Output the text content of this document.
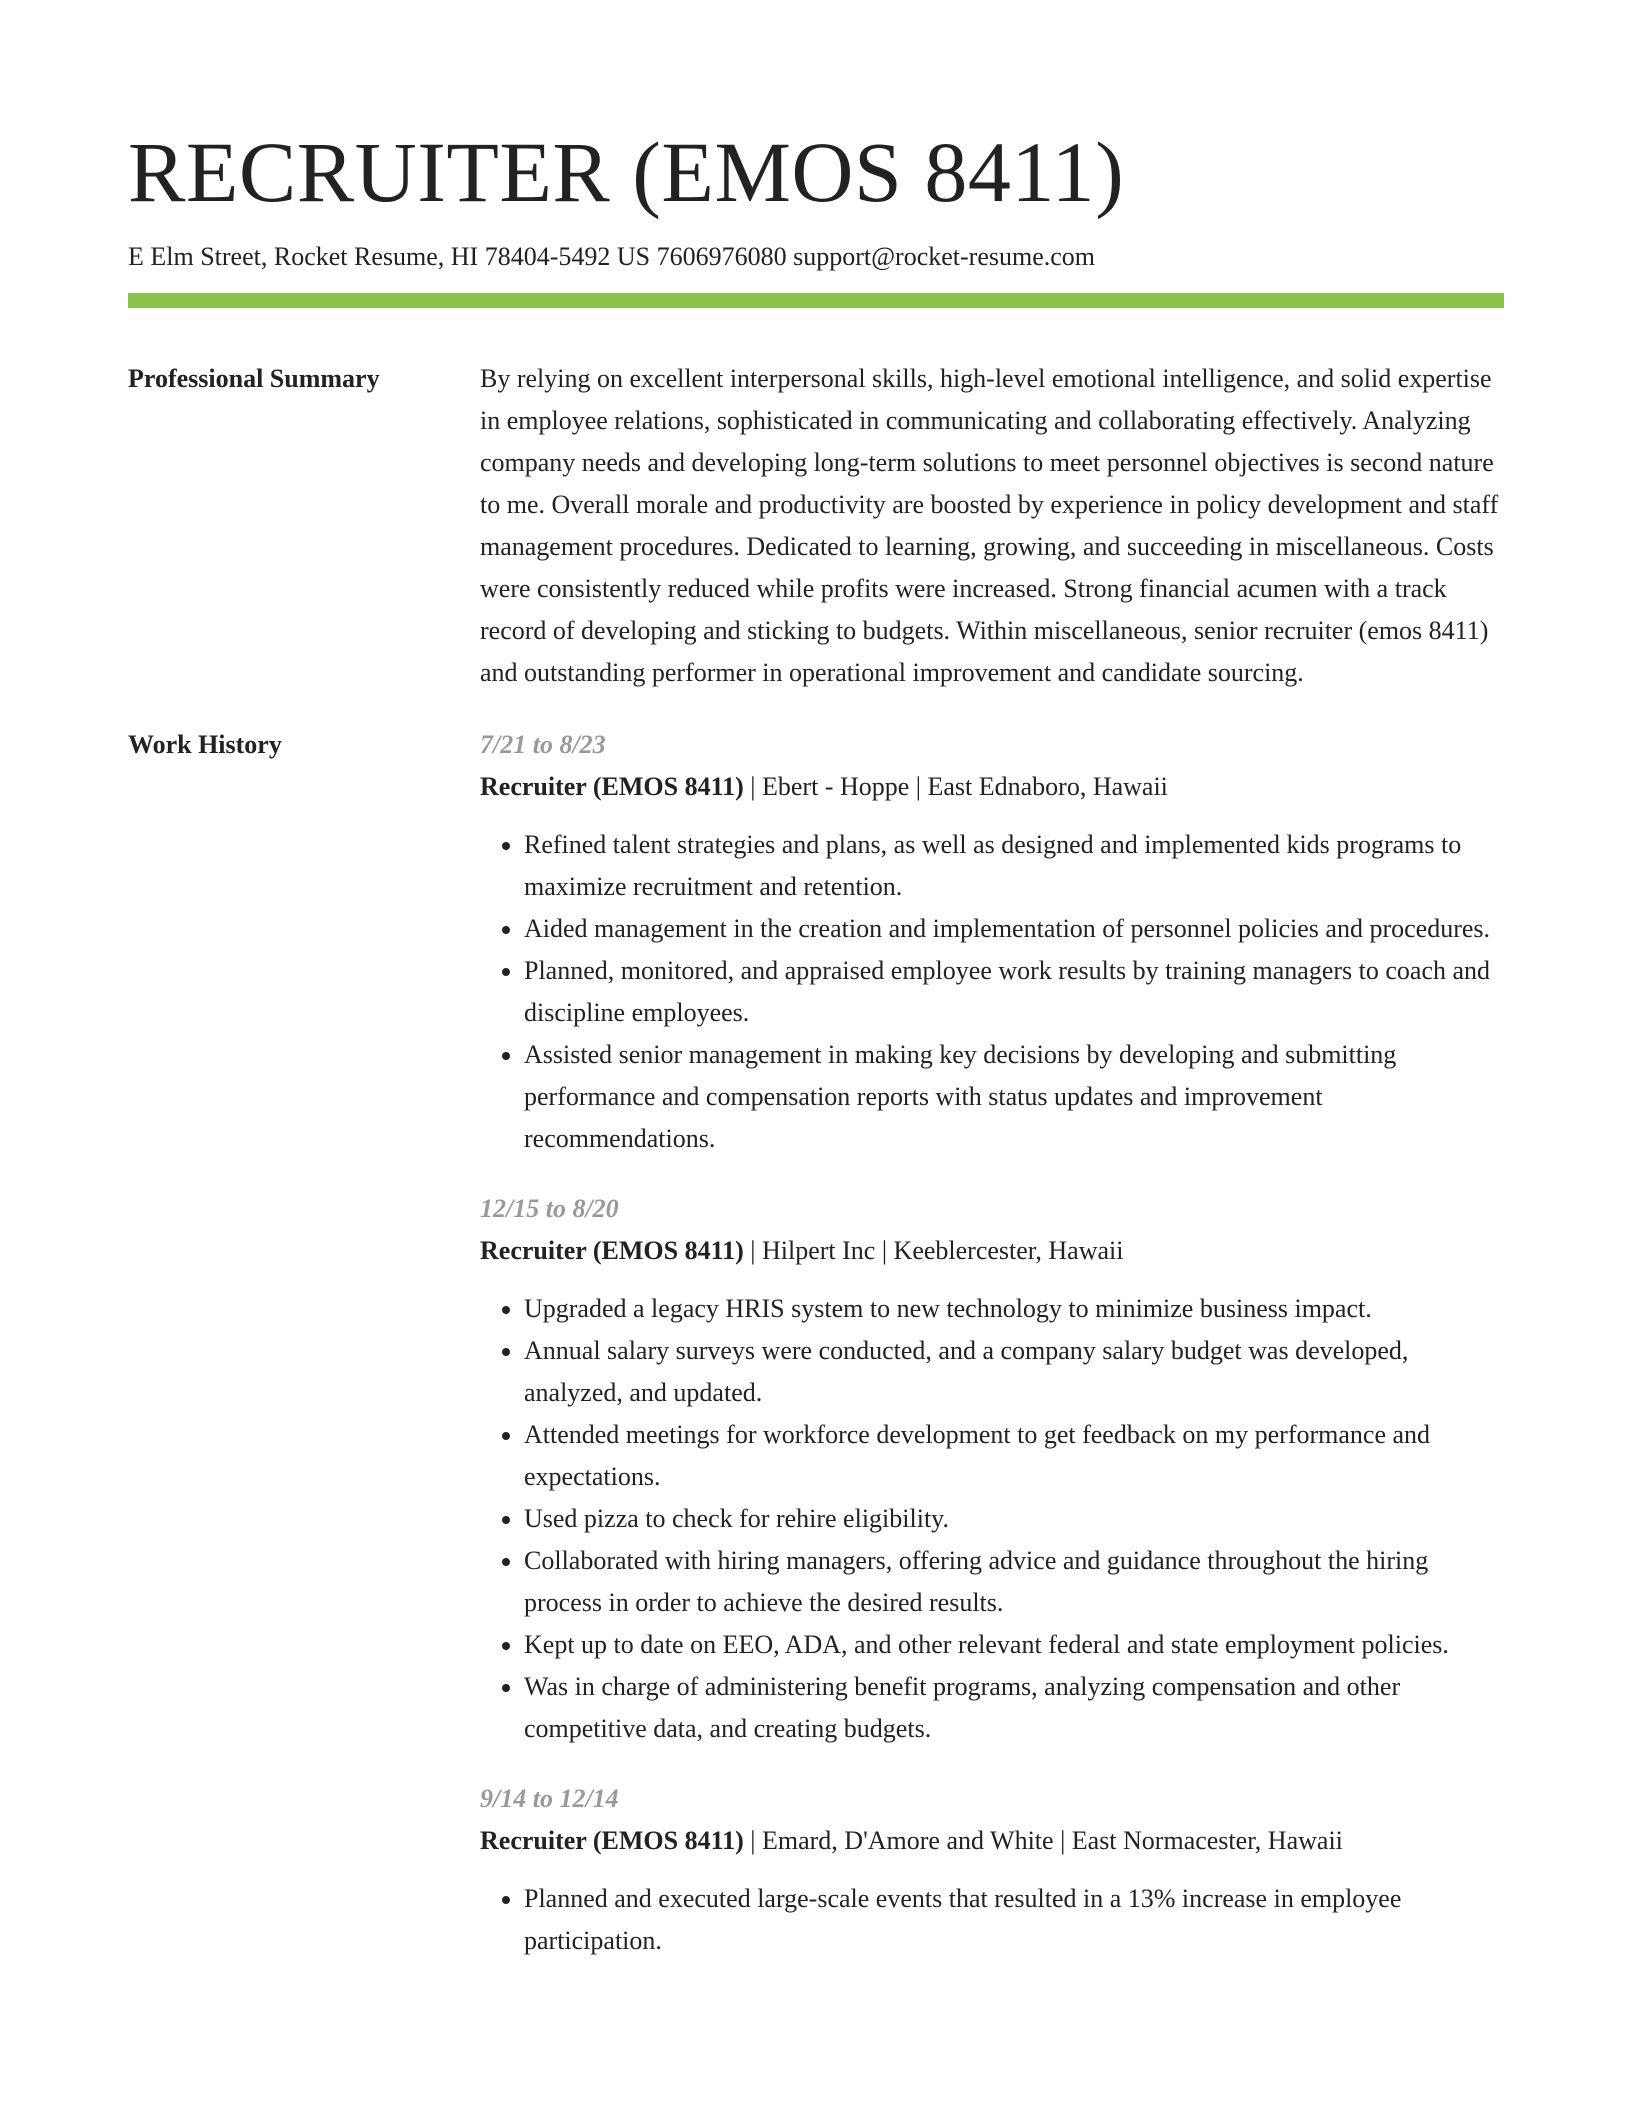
RECRUITER (EMOS 8411)
E Elm Street, Rocket Resume, HI 78404-5492 US 7606976080 support@rocket-resume.com
Professional Summary	By relying on excellent interpersonal skills, high-level emotional intelligence, and solid expertise in employee relations, sophisticated in communicating and collaborating effectively. Analyzing company needs and developing long-term solutions to meet personnel objectives is second nature to me. Overall morale and productivity are boosted by experience in policy development and staff management procedures. Dedicated to learning, growing, and succeeding in miscellaneous. Costs were consistently reduced while profits were increased. Strong financial acumen with a track record of developing and sticking to budgets. Within miscellaneous, senior recruiter (emos 8411) and outstanding performer in operational improvement and candidate sourcing.

Work History	7/21 to 8/23
Recruiter (EMOS 8411) | Ebert - Hoppe | East Ednaboro, Hawaii
• Refined talent strategies and plans, as well as designed and implemented kids programs to maximize recruitment and retention.
• Aided management in the creation and implementation of personnel policies and procedures.
• Planned, monitored, and appraised employee work results by training managers to coach and discipline employees.
• Assisted senior management in making key decisions by developing and submitting performance and compensation reports with status updates and improvement recommendations.
12/15 to 8/20
Recruiter (EMOS 8411) | Hilpert Inc | Keeblercester, Hawaii
• Upgraded a legacy HRIS system to new technology to minimize business impact.
• Annual salary surveys were conducted, and a company salary budget was developed, analyzed, and updated.
• Attended meetings for workforce development to get feedback on my performance and expectations.
• Used pizza to check for rehire eligibility.
• Collaborated with hiring managers, offering advice and guidance throughout the hiring process in order to achieve the desired results.
• Kept up to date on EEO, ADA, and other relevant federal and state employment policies.
• Was in charge of administering benefit programs, analyzing compensation and other competitive data, and creating budgets.
9/14 to 12/14
Recruiter (EMOS 8411) | Emard, D'Amore and White | East Normacester, Hawaii
• Planned and executed large-scale events that resulted in a 13% increase in employee participation.
